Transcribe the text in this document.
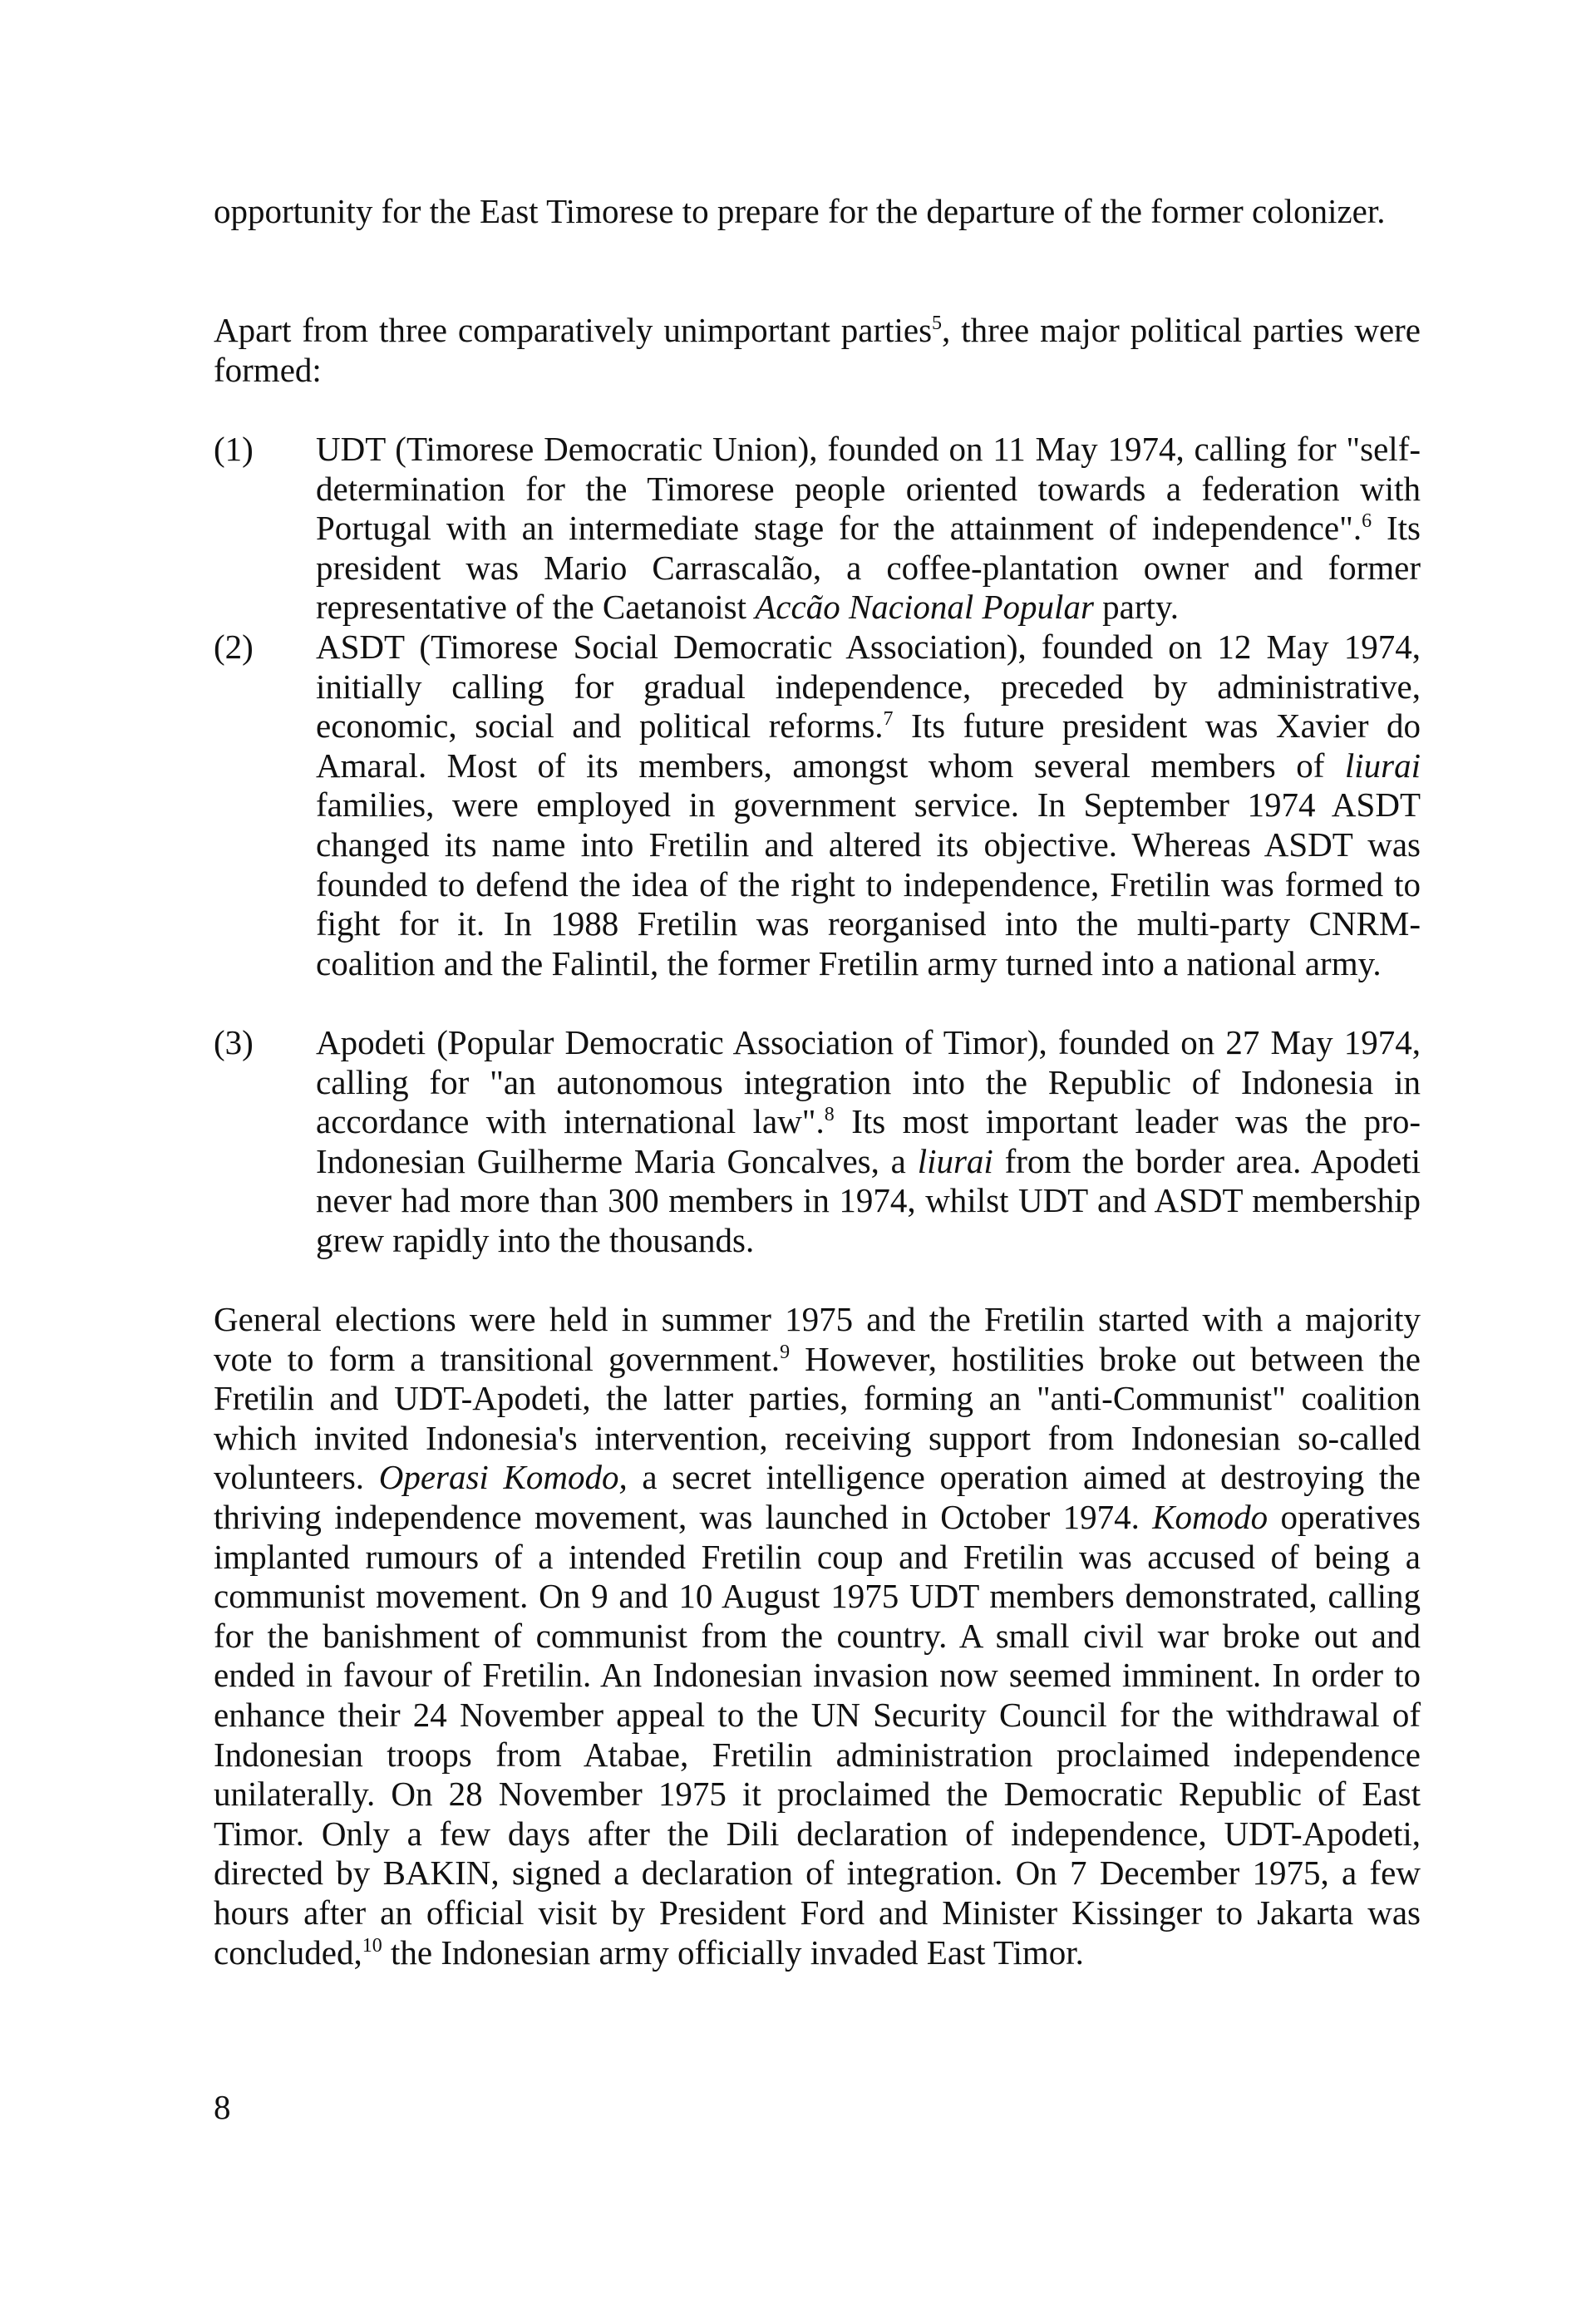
opportunity for the East Timorese to prepare for the departure of the former colonizer.

Apart from three comparatively unimportant parties$^5$, three major political parties were formed:

(1) UDT (Timorese Democratic Union), founded on 11 May 1974, calling for "self-determination for the Timorese people oriented towards a federation with Portugal with an intermediate stage for the attainment of independence".$^6$ Its president was Mario Carrascalão, a coffee-plantation owner and former representative of the Caetanoist Accão Nacional Popular party.

(2) ASDT (Timorese Social Democratic Association), founded on 12 May 1974, initially calling for gradual independence, preceded by administrative, economic, social and political reforms.$^7$ Its future president was Xavier do Amaral. Most of its members, amongst whom several members of liurai families, were employed in government service. In September 1974 ASDT changed its name into Fretilin and altered its objective. Whereas ASDT was founded to defend the idea of the right to independence, Fretilin was formed to fight for it. In 1988 Fretilin was reorganised into the multi-party CNRM-coalition and the Falintil, the former Fretilin army turned into a national army.

(3) Apodeti (Popular Democratic Association of Timor), founded on 27 May 1974, calling for "an autonomous integration into the Republic of Indonesia in accordance with international law".$^8$ Its most important leader was the pro-Indonesian Guilherme Maria Goncalves, a liurai from the border area. Apodeti never had more than 300 members in 1974, whilst UDT and ASDT membership grew rapidly into the thousands.

General elections were held in summer 1975 and the Fretilin started with a majority vote to form a transitional government.$^9$ However, hostilities broke out between the Fretilin and UDT-Apodeti, the latter parties, forming an "anti-Communist" coalition which invited Indonesia's intervention, receiving support from Indonesian so-called volunteers. Operasi Komodo, a secret intelligence operation aimed at destroying the thriving independence movement, was launched in October 1974. Komodo operatives implanted rumours of a intended Fretilin coup and Fretilin was accused of being a communist movement. On 9 and 10 August 1975 UDT members demonstrated, calling for the banishment of communist from the country. A small civil war broke out and ended in favour of Fretilin. An Indonesian invasion now seemed imminent. In order to enhance their 24 November appeal to the UN Security Council for the withdrawal of Indonesian troops from Atabae, Fretilin administration proclaimed independence unilaterally. On 28 November 1975 it proclaimed the Democratic Republic of East Timor. Only a few days after the Dili declaration of independence, UDT-Apodeti, directed by BAKIN, signed a declaration of integration. On 7 December 1975, a few hours after an official visit by President Ford and Minister Kissinger to Jakarta was concluded,$^{10}$ the Indonesian army officially invaded East Timor.

8
